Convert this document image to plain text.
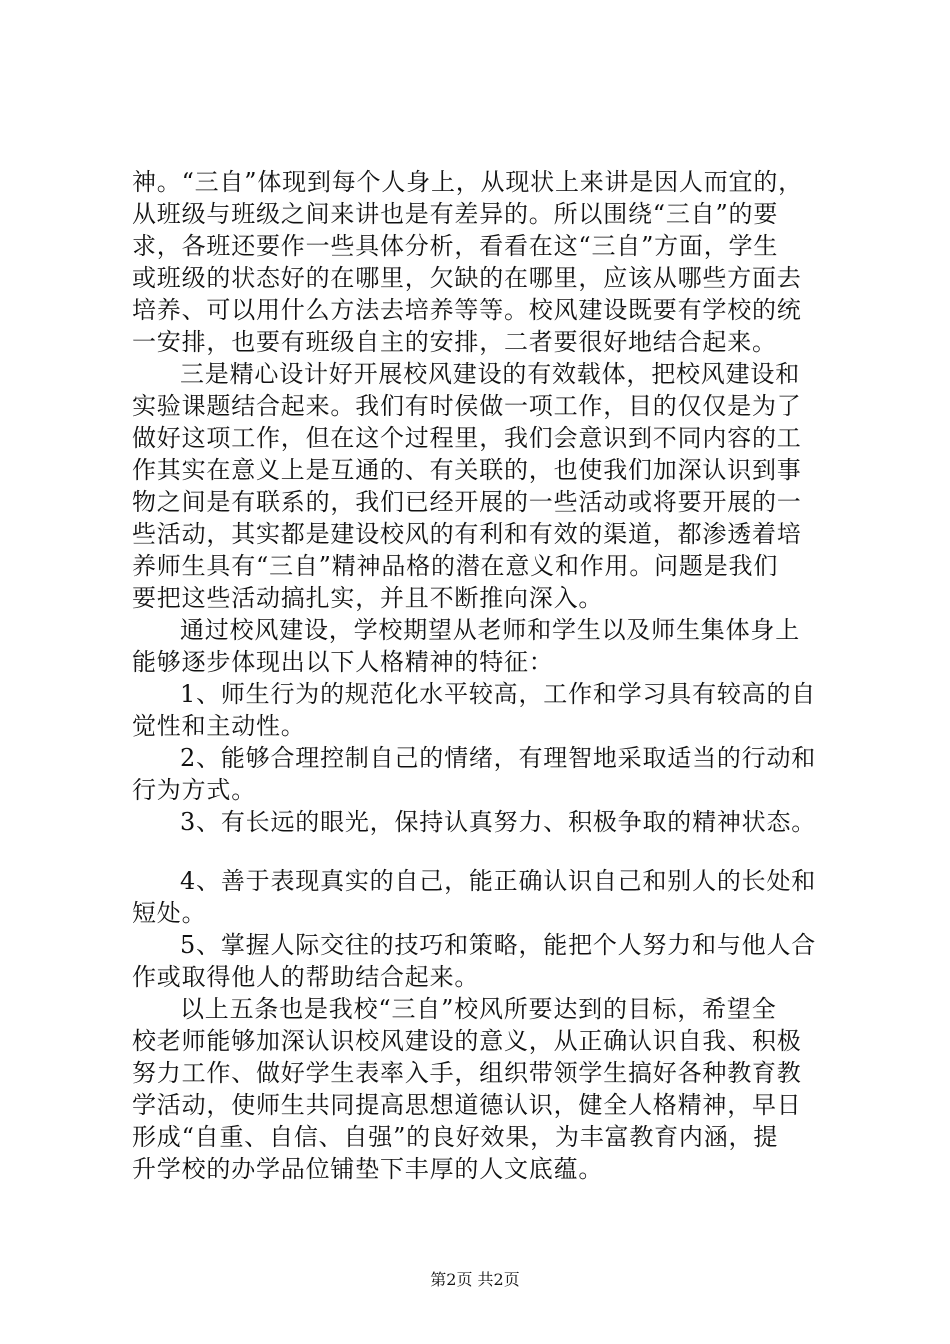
神。“三自”体现到每个人身上，从现状上来讲是因人而宜的，
从班级与班级之间来讲也是有差异的。所以围绕“三自”的要
求，各班还要作一些具体分析，看看在这“三自”方面，学生
或班级的状态好的在哪里，欠缺的在哪里，应该从哪些方面去
培养、可以用什么方法去培养等等。校风建设既要有学校的统
一安排，也要有班级自主的安排，二者要很好地结合起来。
三是精心设计好开展校风建设的有效载体，把校风建设和
实验课题结合起来。我们有时侯做一项工作，目的仅仅是为了
做好这项工作，但在这个过程里，我们会意识到不同内容的工
作其实在意义上是互通的、有关联的，也使我们加深认识到事
物之间是有联系的，我们已经开展的一些活动或将要开展的一
些活动，其实都是建设校风的有利和有效的渠道，都渗透着培
养师生具有“三自”精神品格的潜在意义和作用。问题是我们
要把这些活动搞扎实，并且不断推向深入。
通过校风建设，学校期望从老师和学生以及师生集体身上
能够逐步体现出以下人格精神的特征：
1、师生行为的规范化水平较高，工作和学习具有较高的自
觉性和主动性。
2、能够合理控制自己的情绪，有理智地采取适当的行动和
行为方式。
3、有长远的眼光，保持认真努力、积极争取的精神状态。
4、善于表现真实的自己，能正确认识自己和别人的长处和
短处。
5、掌握人际交往的技巧和策略，能把个人努力和与他人合
作或取得他人的帮助结合起来。
以上五条也是我校“三自”校风所要达到的目标，希望全
校老师能够加深认识校风建设的意义，从正确认识自我、积极
努力工作、做好学生表率入手，组织带领学生搞好各种教育教
学活动，使师生共同提高思想道德认识，健全人格精神，早日
形成“自重、自信、自强”的良好效果，为丰富教育内涵，提
升学校的办学品位铺垫下丰厚的人文底蕴。
第2页 共2页
